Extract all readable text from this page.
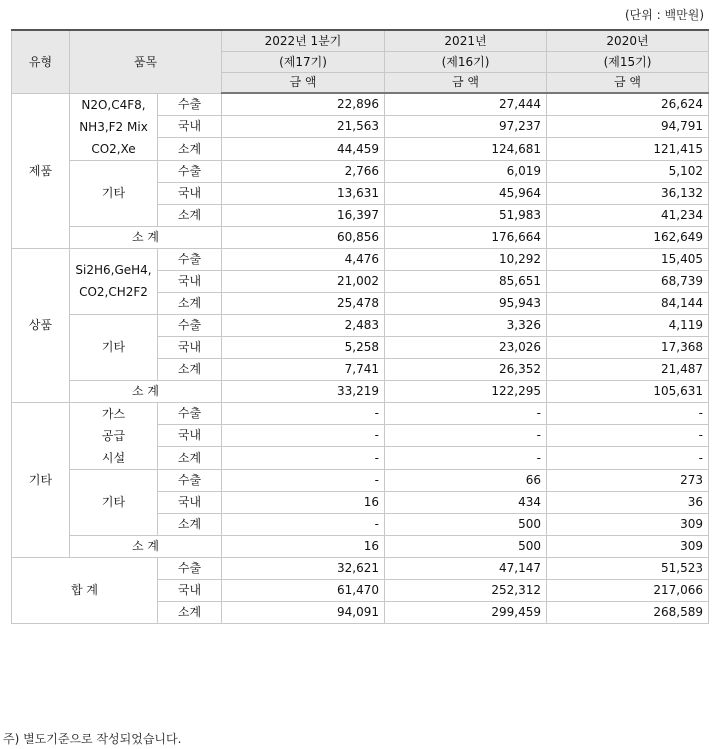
(단위 : 백만원)
유형	품목		2022년 1분기	2021년	2020년
			(제17기)	(제16기)	(제15기)
			금 액	금 액	금 액
제품	N2O,C4F8,
NH3,F2 Mix
CO2,Xe	수출	22,896	27,444	26,624
		국내	21,563	97,237	94,791
		소계	44,459	124,681	121,415

	기타	수출	2,766	6,019	5,102
		국내	13,631	45,964	36,132
		소계	16,397	51,983	41,234
	소 계		60,856	176,664	162,649
상품	Si2H6,GeH4,
CO2,CH2F2	수출	4,476	10,292	15,405
		국내	21,002	85,651	68,739
		소계	25,478	95,943	84,144

	기타	수출	2,483	3,326	4,119
		국내	5,258	23,026	17,368
		소계	7,741	26,352	21,487
	소 계		33,219	122,295	105,631
기타	가스
공급
시설	수출	-	-	-
		국내	-	-	-
		소계	-	-	-

	기타	수출	-	66	273
		국내	16	434	36
		소계	-	500	309
	소 계		16	500	309
합 계		수출	32,621	47,147	51,523
		국내	61,470	252,312	217,066
		소계	94,091	299,459	268,589
주) 별도기준으로 작성되었습니다.
